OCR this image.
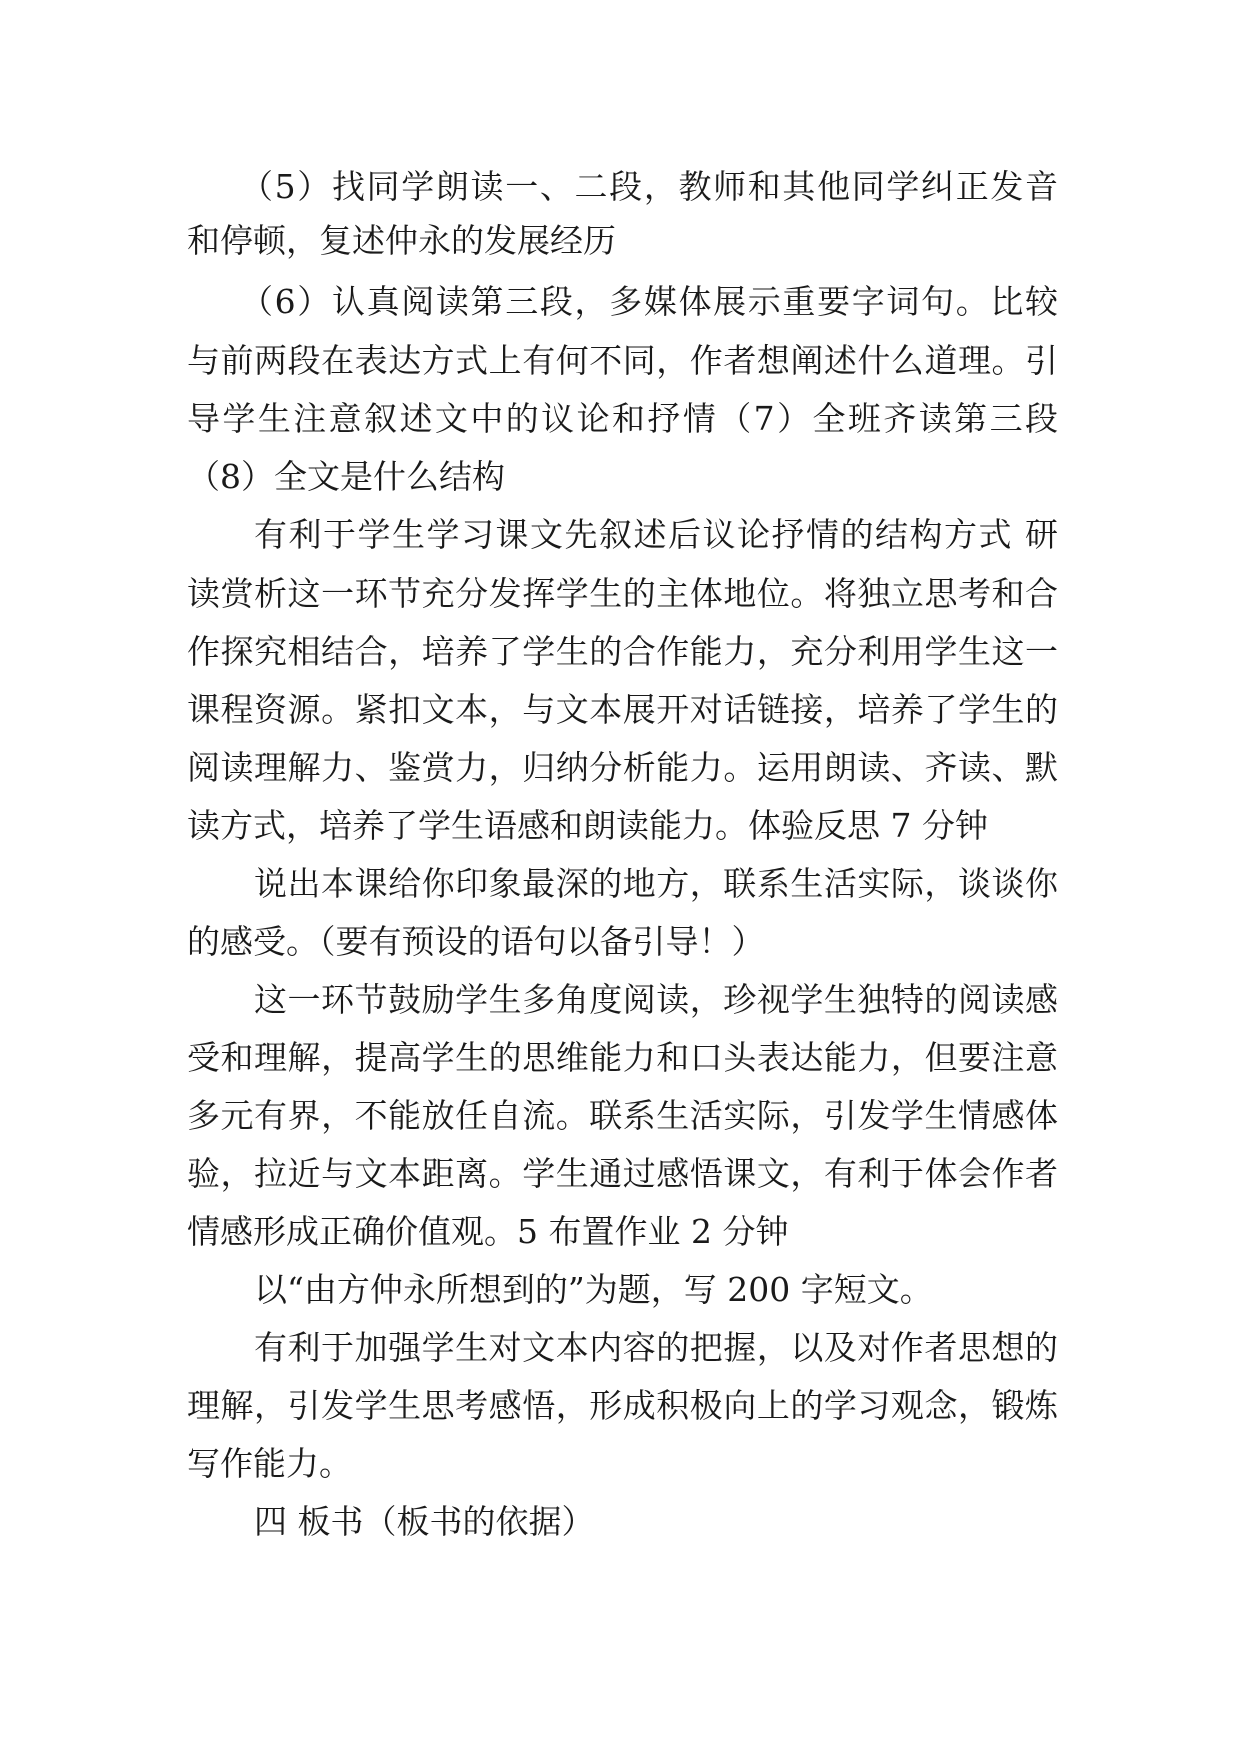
（5）找同学朗读一、二段，教师和其他同学纠正发音
和停顿，复述仲永的发展经历
（6）认真阅读第三段，多媒体展示重要字词句。比较
与前两段在表达方式上有何不同，作者想阐述什么道理。引
导学生注意叙述文中的议论和抒情（7）全班齐读第三段
（8）全文是什么结构
有利于学生学习课文先叙述后议论抒情的结构方式 研
读赏析这一环节充分发挥学生的主体地位。将独立思考和合
作探究相结合，培养了学生的合作能力，充分利用学生这一
课程资源。紧扣文本，与文本展开对话链接，培养了学生的
阅读理解力、鉴赏力，归纳分析能力。运用朗读、齐读、默
读方式，培养了学生语感和朗读能力。体验反思 7 分钟
说出本课给你印象最深的地方，联系生活实际，谈谈你
的感受。（要有预设的语句以备引导！）
这一环节鼓励学生多角度阅读，珍视学生独特的阅读感
受和理解，提高学生的思维能力和口头表达能力，但要注意
多元有界，不能放任自流。联系生活实际，引发学生情感体
验，拉近与文本距离。学生通过感悟课文，有利于体会作者
情感形成正确价值观。5 布置作业 2 分钟
以“由方仲永所想到的”为题，写 200 字短文。
有利于加强学生对文本内容的把握，以及对作者思想的
理解，引发学生思考感悟，形成积极向上的学习观念，锻炼
写作能力。
四 板书（板书的依据）
